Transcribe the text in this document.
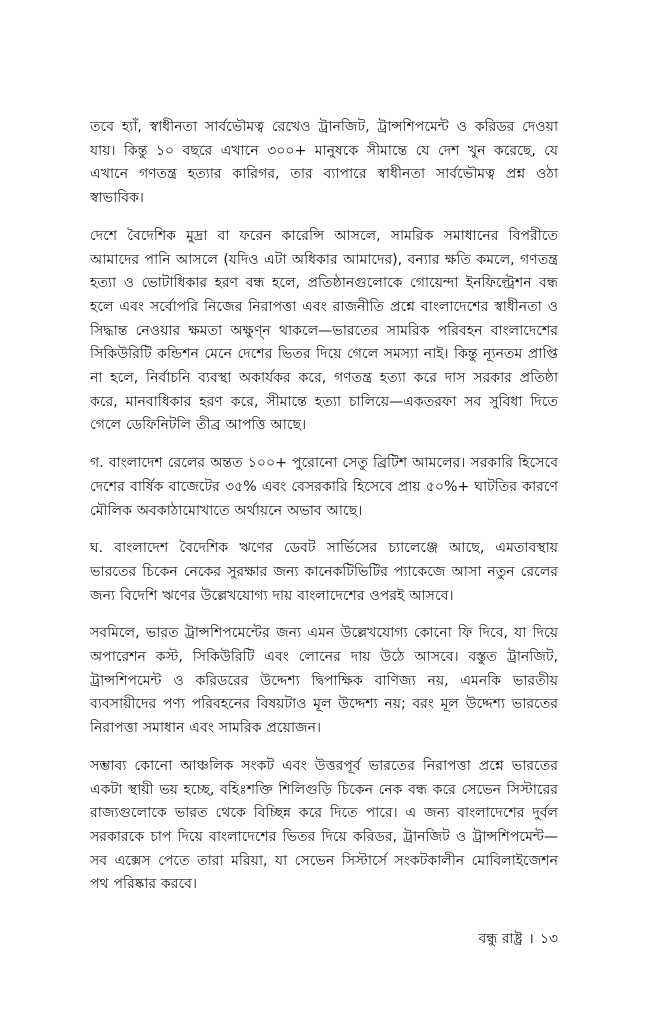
তবে হ্যাঁ, স্বাধীনতা সার্বভৌমত্ব রেখেও ট্রানজিট, ট্রান্সশিপমেন্ট ও করিডর দেওয়া যায়। কিন্তু ১০ বছরে এখানে ৩০০+ মানুষকে সীমান্তে যে দেশ খুন করেছে, যে এখানে গণতন্ত্র হত্যার কারিগর, তার ব্যাপারে স্বাধীনতা সার্বভৌমত্ব প্রশ্ন ওঠা স্বাভাবিক।

দেশে বৈদেশিক মুদ্রা বা ফরেন কারেন্সি আসলে, সামরিক সমাধানের বিপরীতে আমাদের পানি আসলে (যদিও এটা অধিকার আমাদের), বন্যার ক্ষতি কমলে, গণতন্ত্র হত্যা ও ভোটাধিকার হরণ বন্ধ হলে, প্রতিষ্ঠানগুলোকে গোয়েন্দা ইনফিল্ট্রেশন বন্ধ হলে এবং সর্বোপরি নিজের নিরাপত্তা এবং রাজনীতি প্রশ্নে বাংলাদেশের স্বাধীনতা ও সিদ্ধান্ত নেওয়ার ক্ষমতা অক্ষুণ্ন থাকলে—ভারতের সামরিক পরিবহন বাংলাদেশের সিকিউরিটি কন্ডিশন মেনে দেশের ভিতর দিয়ে গেলে সমস্যা নাই। কিন্তু ন্যূনতম প্রাপ্তি না হলে, নির্বাচনি ব্যবস্থা অকার্যকর করে, গণতন্ত্র হত্যা করে দাস সরকার প্রতিষ্ঠা করে, মানবাধিকার হরণ করে, সীমান্তে হত্যা চালিয়ে—একতরফা সব সুবিধা দিতে গেলে ডেফিনিটলি তীব্র আপত্তি আছে।

গ. বাংলাদেশ রেলের অন্তত ১০০+ পুরোনো সেতু ব্রিটিশ আমলের। সরকারি হিসেবে দেশের বার্ষিক বাজেটের ৩৫% এবং বেসরকারি হিসেবে প্রায় ৫০%+ ঘাটতির কারণে মৌলিক অবকাঠামোখাতে অর্থায়নে অভাব আছে।

ঘ. বাংলাদেশ বৈদেশিক ঋণের ডেবট সার্ভিসের চ্যালেঞ্জে আছে, এমতাবস্থায় ভারতের চিকেন নেকের সুরক্ষার জন্য কানেকটিভিটির প্যাকেজে আসা নতুন রেলের জন্য বিদেশি ঋণের উল্লেখযোগ্য দায় বাংলাদেশের ওপরই আসবে।

সবমিলে, ভারত ট্রান্সশিপমেন্টের জন্য এমন উল্লেখযোগ্য কোনো ফি দিবে, যা দিয়ে অপারেশন কস্ট, সিকিউরিটি এবং লোনের দায় উঠে আসবে। বস্তুত ট্রানজিট, ট্রান্সশিপমেন্ট ও করিডরের উদ্দেশ্য দ্বিপাক্ষিক বাণিজ্য নয়, এমনকি ভারতীয় ব্যবসায়ীদের পণ্য পরিবহনের বিষয়টাও মূল উদ্দেশ্য নয়; বরং মূল উদ্দেশ্য ভারতের নিরাপত্তা সমাধান এবং সামরিক প্রয়োজন।

সম্ভাব্য কোনো আঞ্চলিক সংকট এবং উত্তরপূর্ব ভারতের নিরাপত্তা প্রশ্নে ভারতের একটা স্থায়ী ভয় হচ্ছে, বহিঃশক্তি শিলিগুড়ি চিকেন নেক বন্ধ করে সেভেন সিস্টারের রাজ্যগুলোকে ভারত থেকে বিচ্ছিন্ন করে দিতে পারে। এ জন্য বাংলাদেশের দুর্বল সরকারকে চাপ দিয়ে বাংলাদেশের ভিতর দিয়ে করিডর, ট্রানজিট ও ট্রান্সশিপমেন্ট—সব এক্সেস পেতে তারা মরিয়া, যা সেভেন সিস্টার্সে সংকটকালীন মোবিলাইজেশন পথ পরিষ্কার করবে।

বন্ধু রাষ্ট্র । ১৩
